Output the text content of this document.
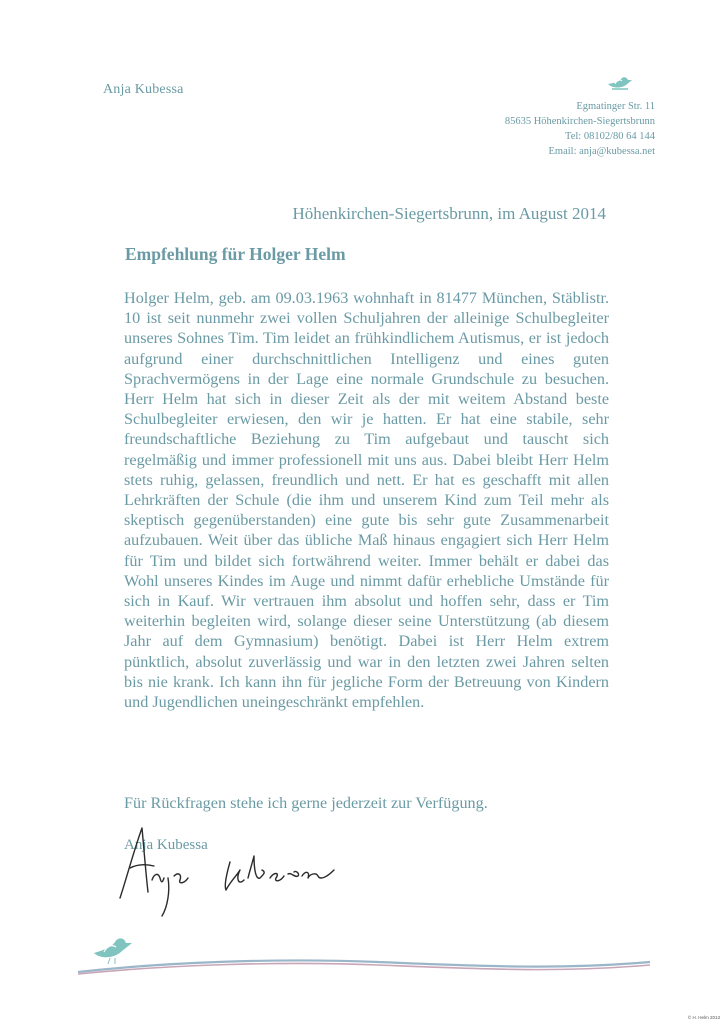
Anja Kubessa
Egmatinger Str. 11
85635 Höhenkirchen-Siegertsbrunn
Tel: 08102/80 64 144
Email: anja@kubessa.net
Höhenkirchen-Siegertsbrunn, im August 2014
Empfehlung für Holger Helm
Holger Helm, geb. am 09.03.1963 wohnhaft in 81477 München, Stäblistr. 10 ist seit nunmehr zwei vollen Schuljahren der alleinige Schulbegleiter unseres Sohnes Tim. Tim leidet an frühkindlichem Autismus, er ist jedoch aufgrund einer durchschnittlichen Intelligenz und eines guten Sprachvermögens in der Lage eine normale Grundschule zu besuchen. Herr Helm hat sich in dieser Zeit als der mit weitem Abstand beste Schulbegleiter erwiesen, den wir je hatten. Er hat eine stabile, sehr freundschaftliche Beziehung zu Tim aufgebaut und tauscht sich regelmäßig und immer professionell mit uns aus. Dabei bleibt Herr Helm stets ruhig, gelassen, freundlich und nett. Er hat es geschafft mit allen Lehrkräften der Schule (die ihm und unserem Kind zum Teil mehr als skeptisch gegenüberstanden) eine gute bis sehr gute Zusammenarbeit aufzubauen. Weit über das übliche Maß hinaus engagiert sich Herr Helm für Tim und bildet sich fortwährend weiter. Immer behält er dabei das Wohl unseres Kindes im Auge und nimmt dafür erhebliche Umstände für sich in Kauf. Wir vertrauen ihm absolut und hoffen sehr, dass er Tim weiterhin begleiten wird, solange dieser seine Unterstützung (ab diesem Jahr auf dem Gymnasium) benötigt. Dabei ist Herr Helm extrem pünktlich, absolut zuverlässig und war in den letzten zwei Jahren selten bis nie krank. Ich kann ihn für jegliche Form der Betreuung von Kindern und Jugendlichen uneingeschränkt empfehlen.
Für Rückfragen stehe ich gerne jederzeit zur Verfügung.
Anja Kubessa
© H. Helm 2013
